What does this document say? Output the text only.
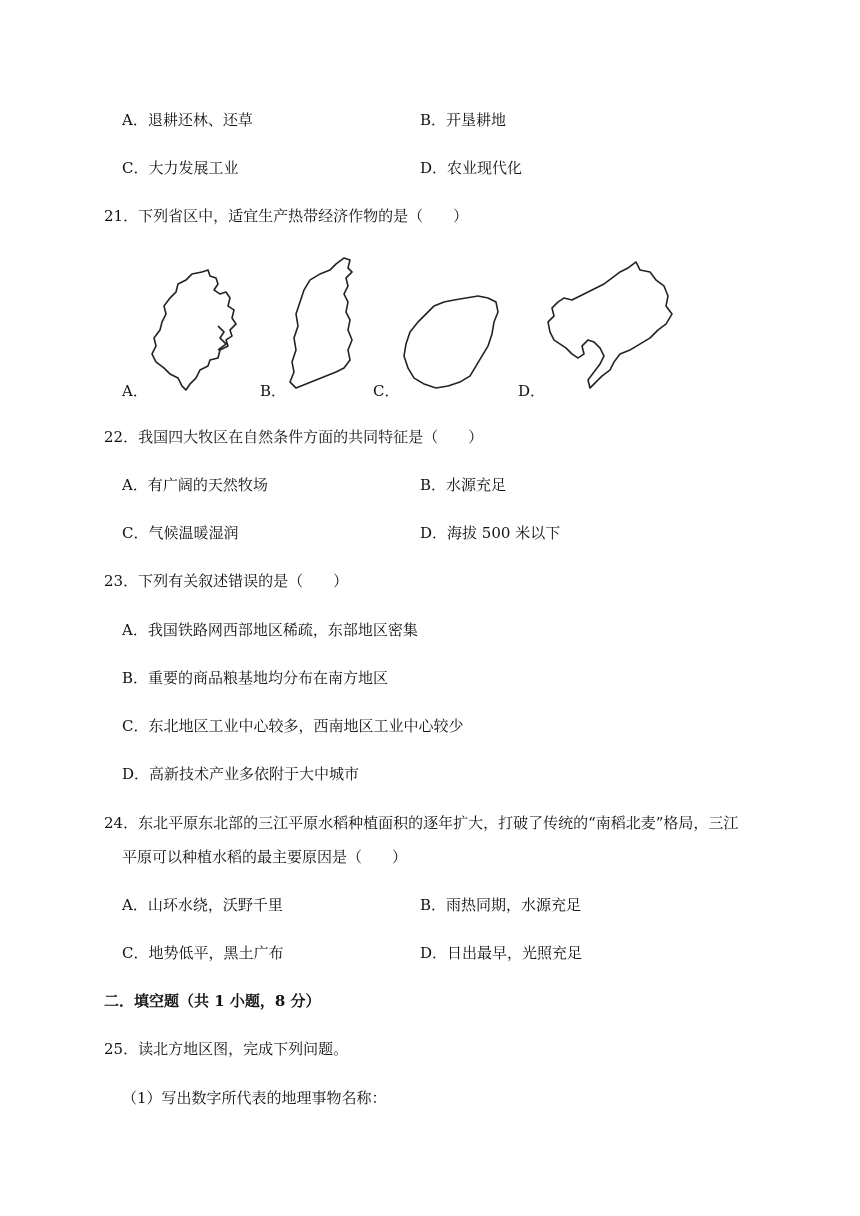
A．退耕还林、还草	B．开垦耕地
C．大力发展工业	D．农业现代化
21．下列省区中，适宜生产热带经济作物的是（　　）
A．	B．	C．	D．
22．我国四大牧区在自然条件方面的共同特征是（　　）
A．有广阔的天然牧场	B．水源充足
C．气候温暖湿润	D．海拔 500 米以下
23．下列有关叙述错误的是（　　）
A．我国铁路网西部地区稀疏，东部地区密集
B．重要的商品粮基地均分布在南方地区
C．东北地区工业中心较多，西南地区工业中心较少
D．高新技术产业多依附于大中城市
24．东北平原东北部的三江平原水稻种植面积的逐年扩大，打破了传统的“南稻北麦”格局，三江
平原可以种植水稻的最主要原因是（　　）
A．山环水绕，沃野千里	B．雨热同期，水源充足
C．地势低平，黑土广布	D．日出最早，光照充足
二．填空题（共 1 小题，8 分）
25．读北方地区图，完成下列问题。
（1）写出数字所代表的地理事物名称：
